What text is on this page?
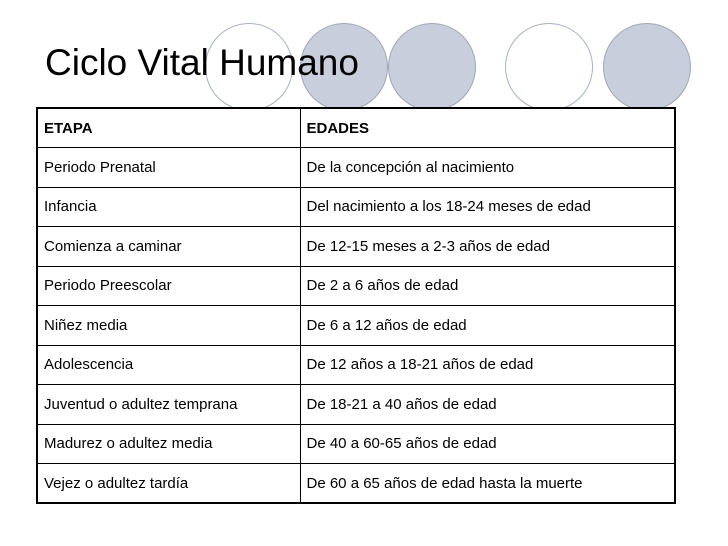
Ciclo Vital Humano
ETAPA	EDADES
Periodo Prenatal	De la concepción al nacimiento
Infancia	Del nacimiento a los 18-24 meses de edad
Comienza a caminar	De 12-15 meses a 2-3 años de edad
Periodo Preescolar	De 2 a 6 años de edad
Niñez media	De 6 a 12 años de edad
Adolescencia	De 12 años a 18-21 años de edad
Juventud o adultez temprana	De 18-21 a 40 años de edad
Madurez o adultez media	De 40 a 60-65 años de edad
Vejez o adultez tardía	De 60 a 65 años de edad hasta la muerte
